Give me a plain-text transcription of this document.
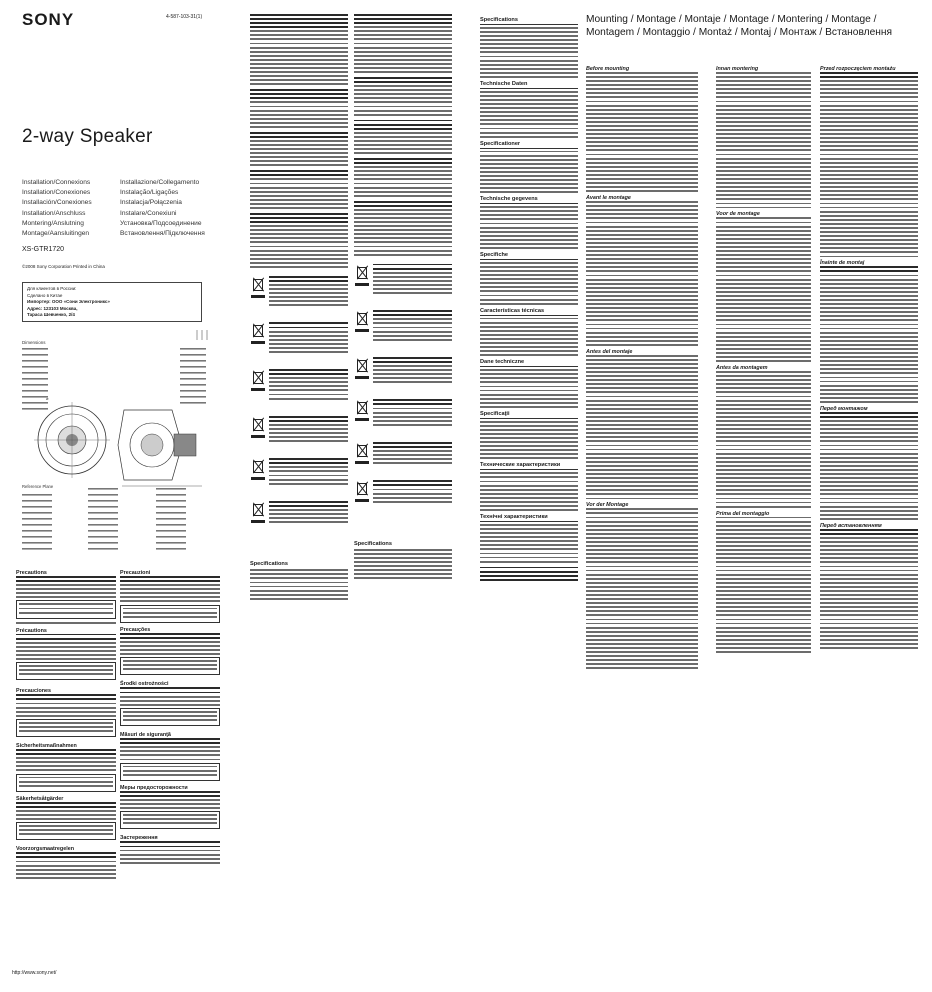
SONY	4-587-103-31(1)
2-way Speaker
Installation/Connexions
Installation/Conexiones
Installación/Conexiones
Installation/Anschluss
Montering/Anslutning
Montage/Aansluitingen
Installazione/Collegamento
Instalação/Ligações
Instalacja/Połączenia
Instalare/Conexiuni
Установка/Подсоединение
Встановлення/Підключення
XS-GTR1720
©2008 Sony Corporation Printed in China
Для клиентов в России:
Сделано в Китае
Импортер: ООО «Сони Электроникс»
Адрес: 123103 Москва,
Тараса Шевченко, 2/4
Dimensions
⌀
Reference Plane
Precautions
Précautions
Precauciones
Sicherheitsmaßnahmen
Säkerhetsåtgärder
Voorzorgsmaatregelen
Precauzioni
Precauções
Środki ostrożności
Măsuri de siguranţă
Меры предосторожности
Застереження
http://www.sony.net/
Specifications
Specifications
Specifications
Technische Daten
Specificationer
Technische gegevens
Specifiche
Características técnicas
Dane techniczne
Specificaţii
Технические характеристики
Технічні характеристики
Mounting / Montage / Montaje / Montage / Montering / Montage / Montagem / Montaggio / Montaż / Montaj / Монтаж / Встановлення
Before mounting
Avant le montage
Antes del montaje
Vor der Montage
Innan montering
Voor de montage
Antes da montagem
Prima del montaggio
Przed rozpoczęciem montażu
Înainte de montaj
Перед монтажом
Перед встановленням
